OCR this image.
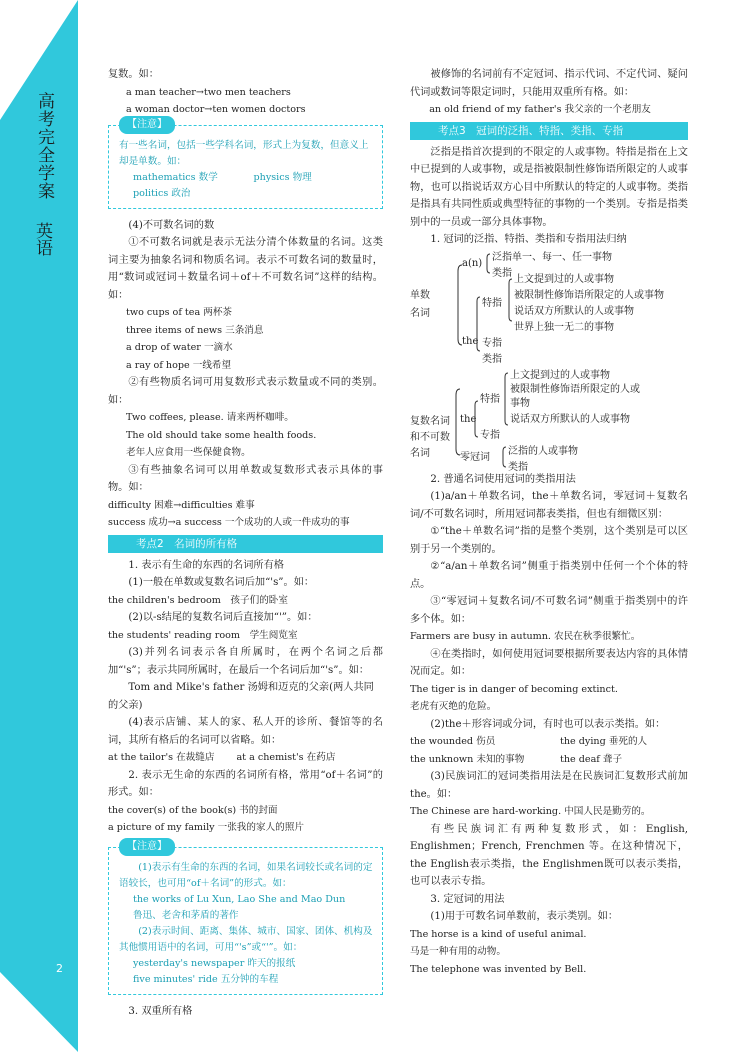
高考完全学案
英语
2

复数。如：

a man teacher→two men teachers

a woman doctor→ten women doctors

【注意】

有一些名词，包括一些学科名词，形式上为复数，但意义上却是单数。如：

mathematics 数学	physics 物理
politics 政治

(4)不可数名词的数

①不可数名词就是表示无法分清个体数量的名词。这类词主要为抽象名词和物质名词。表示不可数名词的数量时，用“数词或冠词＋数量名词＋of＋不可数名词”这样的结构。如：

two cups of tea 两杯茶

three items of news 三条消息

a drop of water 一滴水

a ray of hope 一线希望

②有些物质名词可用复数形式表示数量或不同的类别。如：

Two coffees, please. 请来两杯咖啡。

The old should take some health foods.

老年人应食用一些保健食物。

③有些抽象名词可以用单数或复数形式表示具体的事物。如：

difficulty 困难→difficulties 难事

success 成功→a success 一个成功的人或一件成功的事

考点2　名词的所有格

1. 表示有生命的东西的名词所有格

(1)一般在单数或复数名词后加“'s”。如：

the children's bedroom　孩子们的卧室

(2)以-s结尾的复数名词后直接加“'”。如：

the students' reading room　学生阅览室

(3)并列名词表示各自所属时，在两个名词之后都加“'s”；表示共同所属时，在最后一个名词后加“'s”。如：

Tom and Mike's father 汤姆和迈克的父亲(两人共同的父亲)

(4)表示店铺、某人的家、私人开的诊所、餐馆等的名词，其所有格后的名词可以省略。如：

at the tailor's 在裁缝店 at a chemist's 在药店

2. 表示无生命的东西的名词所有格，常用“of＋名词”的形式。如：

the cover(s) of the book(s) 书的封面

a picture of my family 一张我的家人的照片

【注意】

(1)表示有生命的东西的名词，如果名词较长或名词的定语较长，也可用“of＋名词”的形式。如：

the works of Lu Xun, Lao She and Mao Dun

鲁迅、老舍和茅盾的著作

(2)表示时间、距离、集体、城市、国家、团体、机构及其他惯用语中的名词，可用“'s”或“'”。如：

yesterday's newspaper 昨天的报纸

five minutes' ride 五分钟的车程

3. 双重所有格

被修饰的名词前有不定冠词、指示代词、不定代词、疑问代词或数词等限定词时，只能用双重所有格。如：

an old friend of my father's 我父亲的一个老朋友

考点3　冠词的泛指、特指、类指、专指

泛指是指首次提到的不限定的人或事物。特指是指在上文中已提到的人或事物，或是指被限制性修饰语所限定的人或事物，也可以指说话双方心目中所默认的特定的人或事物。类指是指具有共同性质或典型特征的事物的一个类别。专指是指类别中的一员或一部分具体事物。

1. 冠词的泛指、特指、类指和专指用法归纳

单数
名词
a(n)
泛指单一、每一、任一事物
类指
the
特指
上文提到过的人或事物
被限制性修饰语所限定的人或事物
说话双方所默认的人或事物
世界上独一无二的事物
专指
类指
复数名词
和不可数
名词
the
特指
上文提到过的人或事物
被限制性修饰语所限定的人或
事物
说话双方所默认的人或事物
专指
零冠词
泛指的人或事物
类指

2. 普通名词使用冠词的类指用法

(1)a/an＋单数名词，the＋单数名词，零冠词＋复数名词/不可数名词时，所用冠词都表类指，但也有细微区别：

①“the＋单数名词”指的是整个类别，这个类别是可以区别于另一个类别的。

②“a/an＋单数名词”侧重于指类别中任何一个个体的特点。

③“零冠词＋复数名词/不可数名词”侧重于指类别中的许多个体。如：

Farmers are busy in autumn. 农民在秋季很繁忙。

④在类指时，如何使用冠词要根据所要表达内容的具体情况而定。如：

The tiger is in danger of becoming extinct.

老虎有灭绝的危险。

(2)the＋形容词或分词，有时也可以表示类指。如：

the wounded 伤员	the dying 垂死的人

the unknown 未知的事物	the deaf 聋子

(3)民族词汇的冠词类指用法是在民族词汇复数形式前加the。如：

The Chinese are hard-working. 中国人民是勤劳的。

有些民族词汇有两种复数形式，如：English, Englishmen；French, Frenchmen 等。在这种情况下，the English表示类指，the Englishmen既可以表示类指，也可以表示专指。

3. 定冠词的用法

(1)用于可数名词单数前，表示类别。如：

The horse is a kind of useful animal.

马是一种有用的动物。

The telephone was invented by Bell.
